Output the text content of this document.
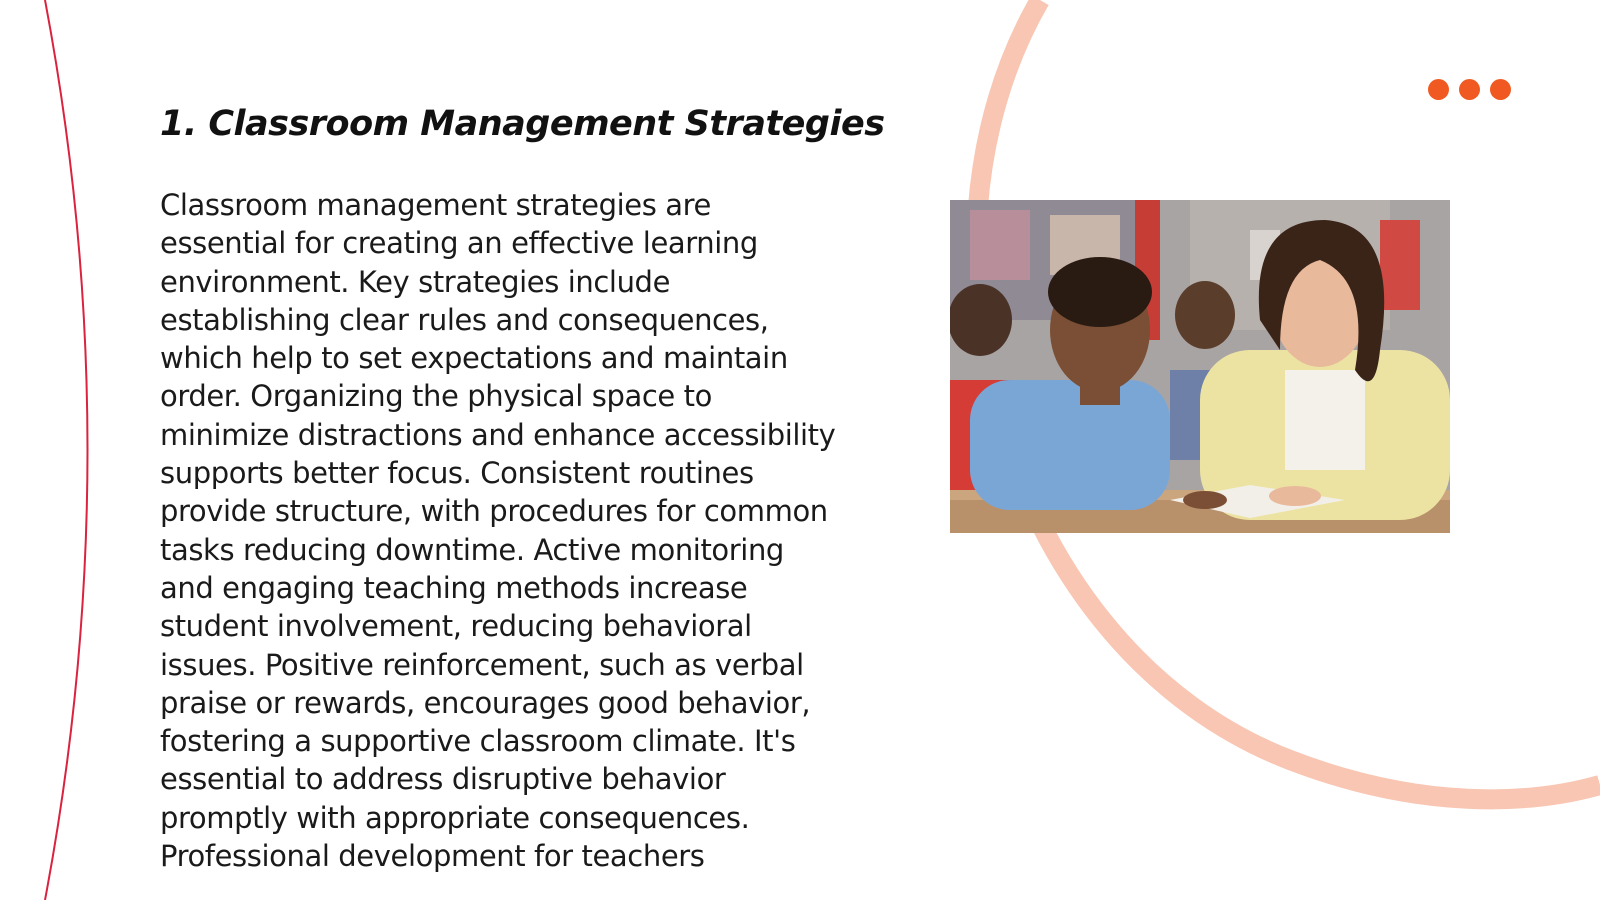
1. Classroom Management Strategies

Classroom management strategies are essential for creating an effective learning environment. Key strategies include establishing clear rules and consequences, which help to set expectations and maintain order. Organizing the physical space to minimize distractions and enhance accessibility supports better focus. Consistent routines provide structure, with procedures for common tasks reducing downtime. Active monitoring and engaging teaching methods increase student involvement, reducing behavioral issues. Positive reinforcement, such as verbal praise or rewards, encourages good behavior, fostering a supportive classroom climate. It's essential to address disruptive behavior promptly with appropriate consequences. Professional development for teachers
